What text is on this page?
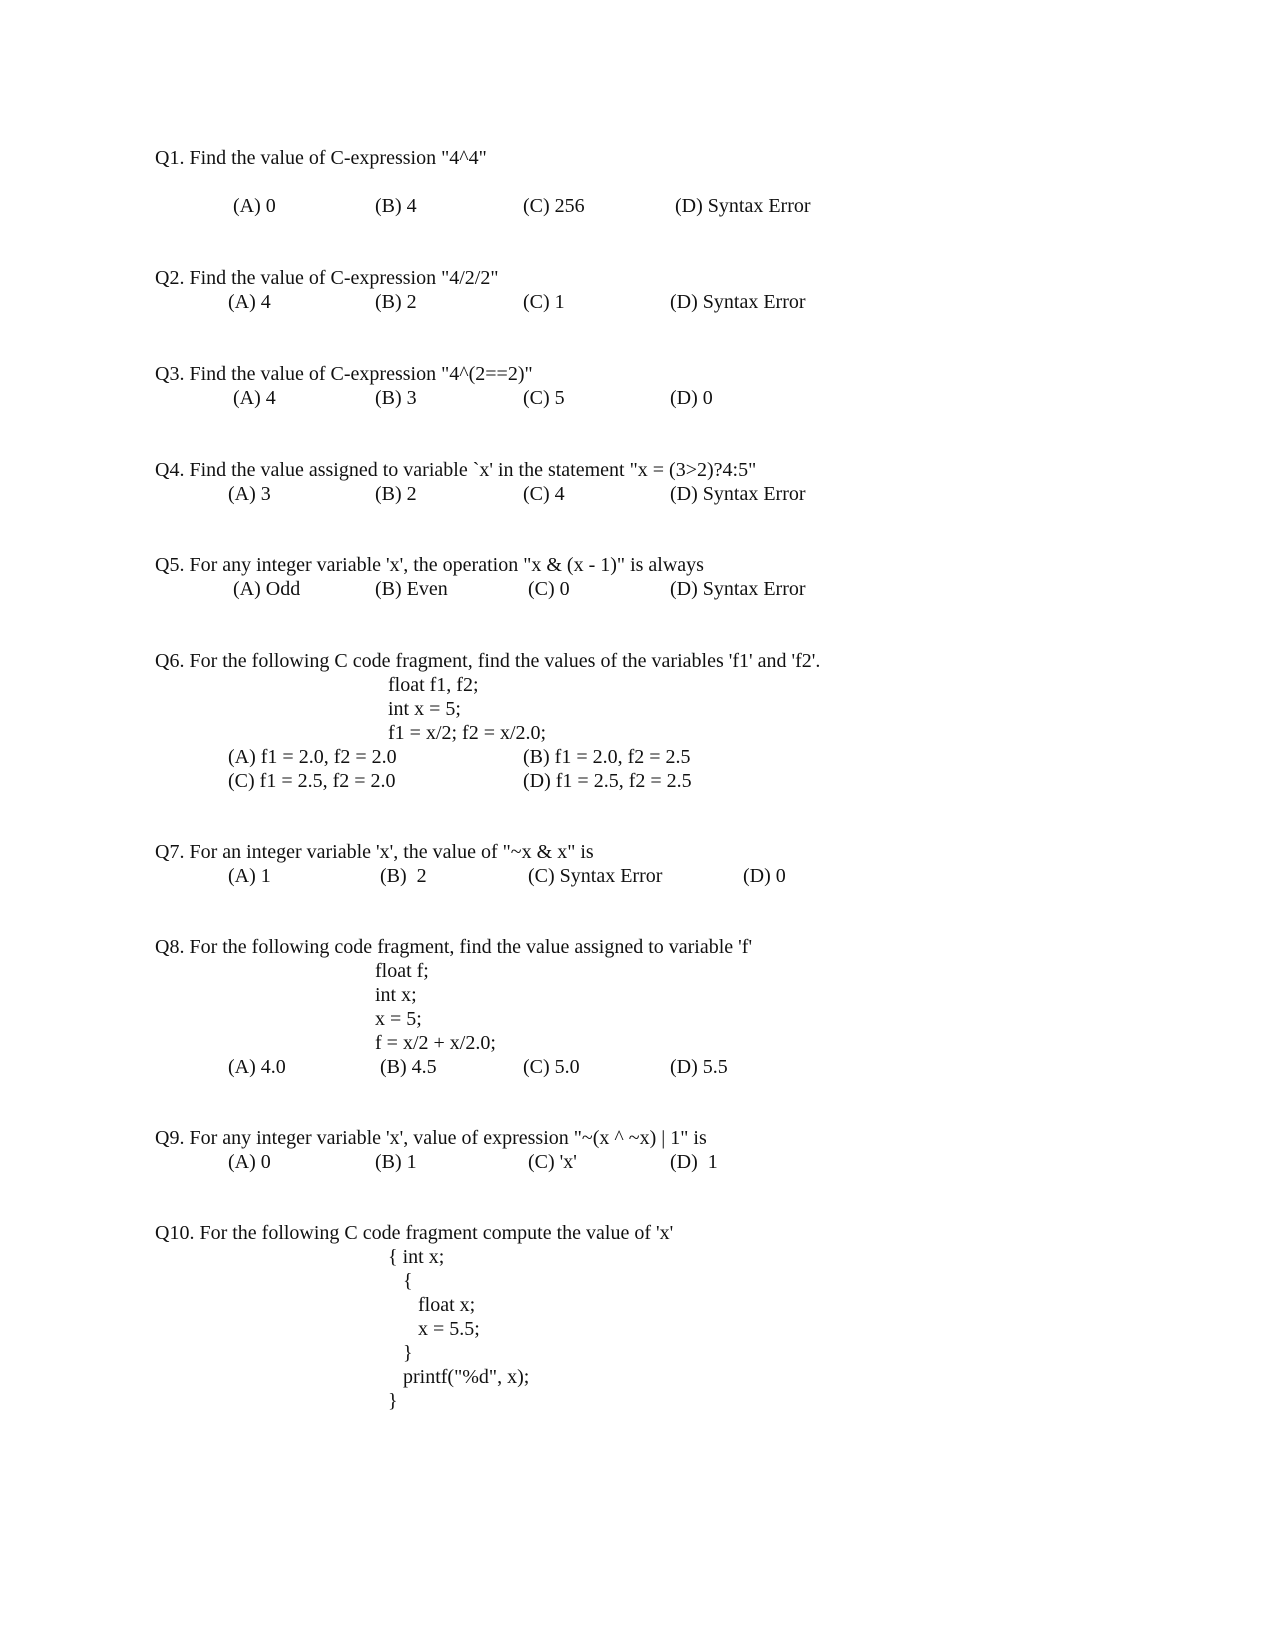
Q1. Find the value of C-expression "4^4"
(A) 0	(B) 4	(C) 256	(D) Syntax Error
Q2. Find the value of C-expression "4/2/2"
(A) 4	(B) 2	(C) 1	(D) Syntax Error
Q3. Find the value of C-expression "4^(2==2)"
(A) 4	(B) 3	(C) 5	(D) 0
Q4. Find the value assigned to variable `x' in the statement "x = (3>2)?4:5"
(A) 3	(B) 2	(C) 4	(D) Syntax Error
Q5. For any integer variable 'x', the operation "x & (x - 1)" is always
(A) Odd	(B) Even	(C) 0	(D) Syntax Error
Q6. For the following C code fragment, find the values of the variables 'f1' and 'f2'.
float f1, f2;
int x = 5;
f1 = x/2; f2 = x/2.0;
(A) f1 = 2.0, f2 = 2.0	(B) f1 = 2.0, f2 = 2.5
(C) f1 = 2.5, f2 = 2.0	(D) f1 = 2.5, f2 = 2.5
Q7. For an integer variable 'x', the value of "~x & x" is
(A) 1	(B)  2	(C) Syntax Error	(D) 0
Q8. For the following code fragment, find the value assigned to variable 'f'
float f;
int x;
x = 5;
f = x/2 + x/2.0;
(A) 4.0	(B) 4.5	(C) 5.0	(D) 5.5
Q9. For any integer variable 'x', value of expression "~(x ^ ~x) | 1" is
(A) 0	(B) 1	(C) 'x'	(D)  1
Q10. For the following C code fragment compute the value of 'x'
{ int x;
{
float x;
x = 5.5;
}
printf("%d", x);
}
